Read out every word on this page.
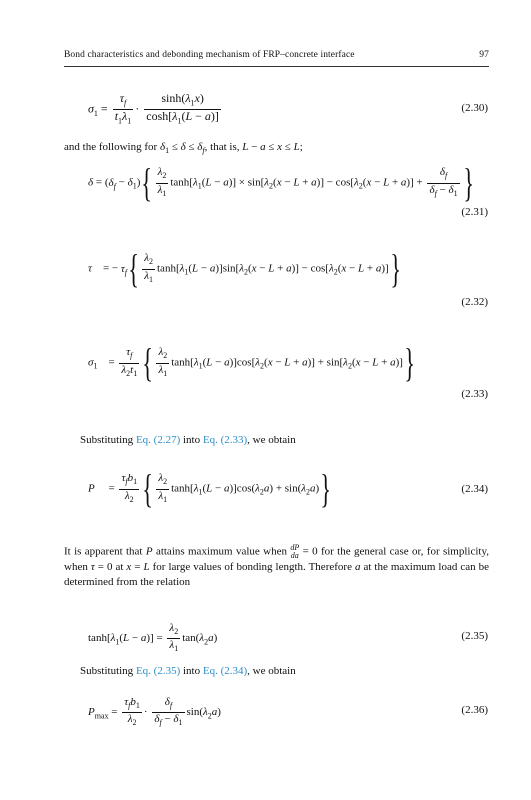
Bond characteristics and debonding mechanism of FRP–concrete interface	97
$\sigma_1 = \frac{\tau_f}{t_1\lambda_1} \cdot \frac{\sinh(\lambda_1x)}{\cosh[\lambda_1(L - a)]}$	(2.30)
and the following for $\delta_1 \le \delta \le \delta_f$, that is, L − a ≤ x ≤ L;
$\delta = (\delta_f - \delta_1)\{ \frac{\lambda_2}{\lambda_1} \tanh[\lambda_1(L - a)] \times \sin[\lambda_2(x - L + a)] - \cos[\lambda_2(x - L + a)] + \frac{\delta_f}{\delta_f - \delta_1}$ }
(2.31)
τ    = − $\tau_f\{ \frac{\lambda_2}{\lambda_1} \tanh[\lambda_1(L - a)]\sin[\lambda_2(x - L + a)] - \cos[\lambda_2(x - L + a)]\}$
(2.32)
$\sigma_1$    = $\frac{\tau_f}{\lambda_2t_1}$ { $\frac{\lambda_2}{\lambda_1} \tanh[\lambda_1(L - a)]\cos[\lambda_2(x - L + a)] + \sin[\lambda_2(x - L + a)]$}
(2.33)
Substituting Eq. (2.27) into Eq. (2.33), we obtain
P     = $\frac{\tau_fb_1}{\lambda_2}$ { $\frac{\lambda_2}{\lambda_1} \tanh[\lambda_1(L - a)]\cos(\lambda_2a) + \sin(\lambda_2a)$}	(2.34)
It is apparent that P attains maximum value when dP
da = 0 for the general case or, for simplicity, when τ = 0 at x = L for large values of bonding length. Therefore a at the maximum load can be determined from the relation
$\tanh[\lambda_1(L - a)] = \frac{\lambda_2}{\lambda_1} \tan(\lambda_2a)$	(2.35)
Substituting Eq. (2.35) into Eq. (2.34), we obtain
$P_{max} = \frac{\tau_fb_1}{\lambda_2} \cdot \frac{\delta_f}{\delta_f - \delta_1} \sin(\lambda_2a)$	(2.36)
